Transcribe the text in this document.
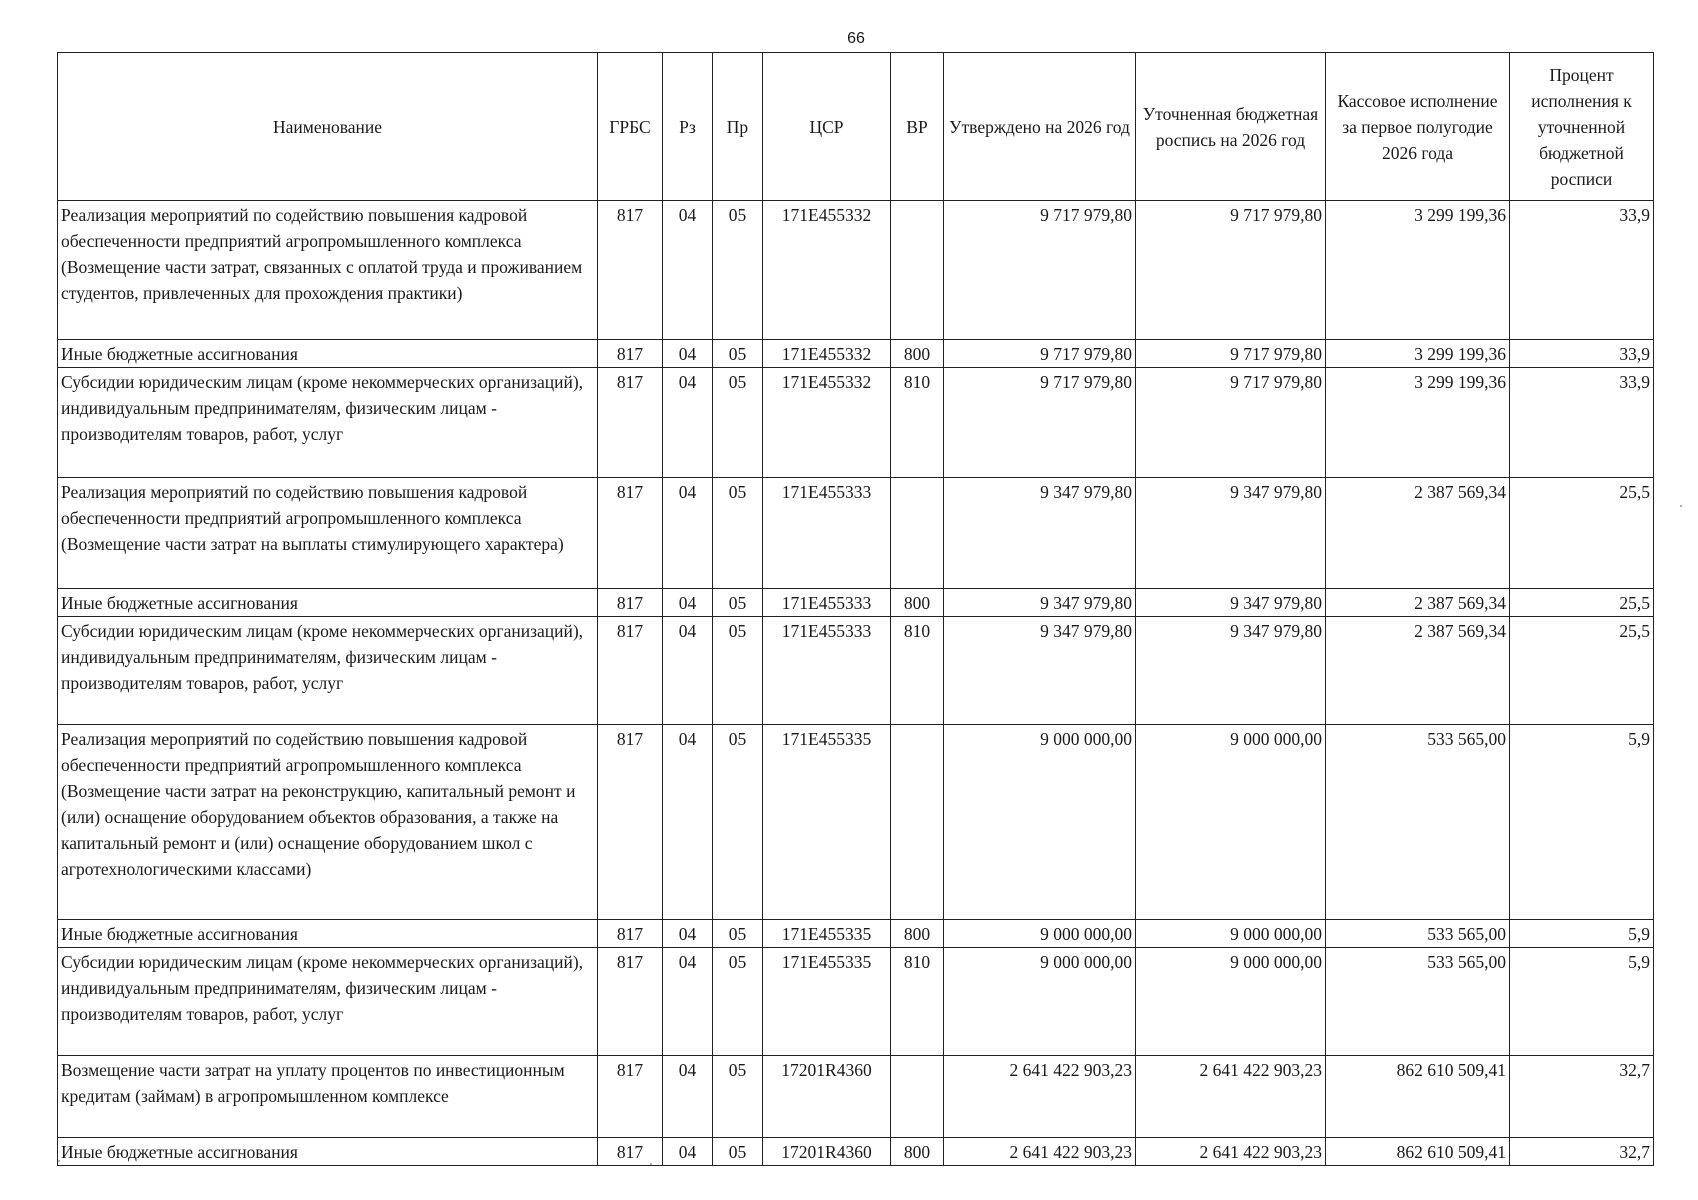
66
Наименование	ГРБС	Рз	Пр	ЦСР	ВР	Утверждено на 2026 год	Уточненная бюджетная роспись на 2026 год	Кассовое исполнение за первое полугодие 2026 года	Процент исполнения к уточненной бюджетной росписи
Реализация мероприятий по содействию повышения кадровой обеспеченности предприятий агропромышленного комплекса (Возмещение части затрат, связанных с оплатой труда и проживанием студентов, привлеченных для прохождения практики)	817	04	05	171E455332		9 717 979,80	9 717 979,80	3 299 199,36	33,9
Иные бюджетные ассигнования	817	04	05	171E455332	800	9 717 979,80	9 717 979,80	3 299 199,36	33,9
Субсидии юридическим лицам (кроме некоммерческих организаций), индивидуальным предпринимателям, физическим лицам - производителям товаров, работ, услуг	817	04	05	171E455332	810	9 717 979,80	9 717 979,80	3 299 199,36	33,9
Реализация мероприятий по содействию повышения кадровой обеспеченности предприятий агропромышленного комплекса (Возмещение части затрат на выплаты стимулирующего характера)	817	04	05	171E455333		9 347 979,80	9 347 979,80	2 387 569,34	25,5
Иные бюджетные ассигнования	817	04	05	171E455333	800	9 347 979,80	9 347 979,80	2 387 569,34	25,5
Субсидии юридическим лицам (кроме некоммерческих организаций), индивидуальным предпринимателям, физическим лицам - производителям товаров, работ, услуг	817	04	05	171E455333	810	9 347 979,80	9 347 979,80	2 387 569,34	25,5
Реализация мероприятий по содействию повышения кадровой обеспеченности предприятий агропромышленного комплекса (Возмещение части затрат на реконструкцию, капитальный ремонт и (или) оснащение оборудованием объектов образования, а также на капитальный ремонт и (или) оснащение оборудованием школ с агротехнологическими классами)	817	04	05	171E455335		9 000 000,00	9 000 000,00	533 565,00	5,9
Иные бюджетные ассигнования	817	04	05	171E455335	800	9 000 000,00	9 000 000,00	533 565,00	5,9
Субсидии юридическим лицам (кроме некоммерческих организаций), индивидуальным предпринимателям, физическим лицам - производителям товаров, работ, услуг	817	04	05	171E455335	810	9 000 000,00	9 000 000,00	533 565,00	5,9
Возмещение части затрат на уплату процентов по инвестиционным кредитам (займам) в агропромышленном комплексе	817	04	05	17201R4360		2 641 422 903,23	2 641 422 903,23	862 610 509,41	32,7
Иные бюджетные ассигнования	817	04	05	17201R4360	800	2 641 422 903,23	2 641 422 903,23	862 610 509,41	32,7
